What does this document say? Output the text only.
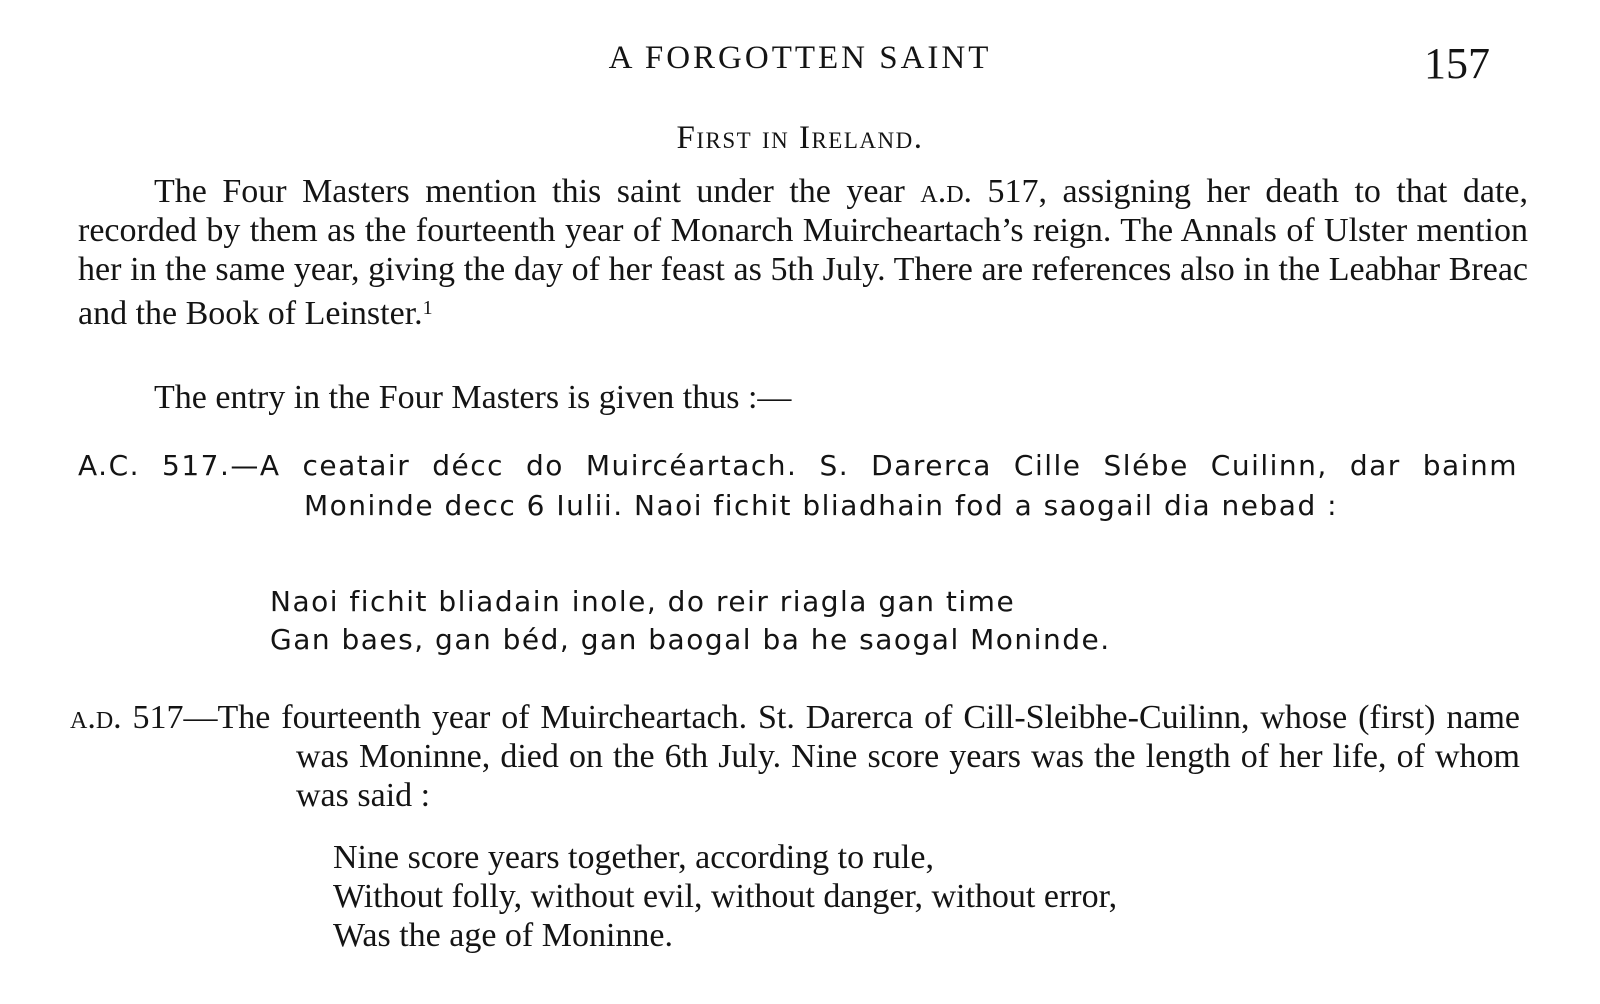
A FORGOTTEN SAINT	157
First in Ireland.
The Four Masters mention this saint under the year a.d. 517, assigning her death to that date, recorded by them as the fourteenth year of Monarch Muircheartach’s reign. The Annals of Ulster mention her in the same year, giving the day of her feast as 5th July. There are references also in the Leabhar Breac and the Book of Leinster.$^1$
The entry in the Four Masters is given thus :—
A.C. 517.—A ceatair décc do Muircéartach. S. Darerca Cille Slébe Cuilinn, dar bainm Moninde decc 6 Iulii. Naoi fichit bliadhain fod a saogail dia nebad :
Naoi fichit bliadain inole, do reir riagla gan time
Gan baes, gan béd, gan baogal ba he saogal Moninde.
a.d. 517—The fourteenth year of Muircheartach. St. Darerca of Cill-Sleibhe-Cuilinn, whose (first) name was Moninne, died on the 6th July. Nine score years was the length of her life, of whom was said :
Nine score years together, according to rule,
Without folly, without evil, without danger, without error,
Was the age of Moninne.
